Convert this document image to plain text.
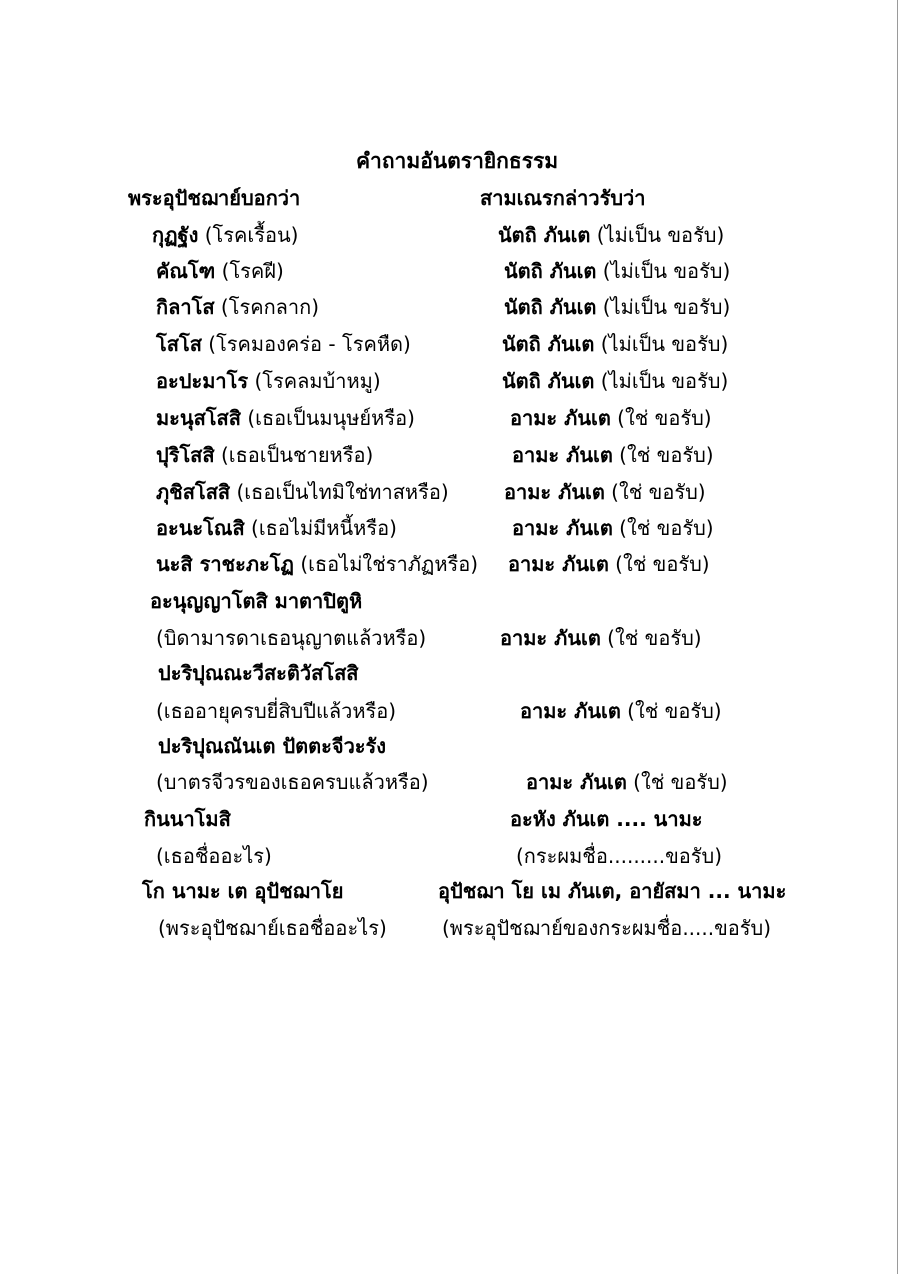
คำถามอันตรายิกธรรม
พระอุปัชฌาย์บอกว่า	สามเณรกล่าวรับว่า
กุฏฐัง (โรคเรื้อน)	นัตถิ ภันเต (ไม่เป็น ขอรับ)
คัณโฑ (โรคฝี)	นัตถิ ภันเต (ไม่เป็น ขอรับ)
กิลาโส (โรคกลาก)	นัตถิ ภันเต (ไม่เป็น ขอรับ)
โสโส (โรคมองคร่อ - โรคหืด)	นัตถิ ภันเต (ไม่เป็น ขอรับ)
อะปะมาโร (โรคลมบ้าหมู)	นัตถิ ภันเต (ไม่เป็น ขอรับ)
มะนุสโสสิ (เธอเป็นมนุษย์หรือ)	อามะ ภันเต (ใช่ ขอรับ)
ปุริโสสิ (เธอเป็นชายหรือ)	อามะ ภันเต (ใช่ ขอรับ)
ภุชิสโสสิ (เธอเป็นไทมิใช่ทาสหรือ)	อามะ ภันเต (ใช่ ขอรับ)
อะนะโณสิ (เธอไม่มีหนี้หรือ)	อามะ ภันเต (ใช่ ขอรับ)
นะสิ ราชะภะโฏ (เธอไม่ใช่ราภัฏหรือ) อามะ ภันเต (ใช่ ขอรับ)
อะนุญญาโตสิ มาตาปิตูหิ
(บิดามารดาเธอนุญาตแล้วหรือ)	อามะ ภันเต (ใช่ ขอรับ)
ปะริปุณณะวีสะติวัสโสสิ
(เธออายุครบยี่สิบปีแล้วหรือ)	อามะ ภันเต (ใช่ ขอรับ)
ปะริปุณณันเต ปัตตะจีวะรัง
(บาตรจีวรของเธอครบแล้วหรือ)	อามะ ภันเต (ใช่ ขอรับ)
กินนาโมสิ	อะหัง ภันเต .... นามะ
(เธอชื่ออะไร)	(กระผมชื่อ.........ขอรับ)
โก นามะ เต อุปัชฌาโย	อุปัชฌา โย เม ภันเต, อายัสมา ... นามะ
(พระอุปัชฌาย์เธอชื่ออะไร)	(พระอุปัชฌาย์ของกระผมชื่อ.....ขอรับ)
